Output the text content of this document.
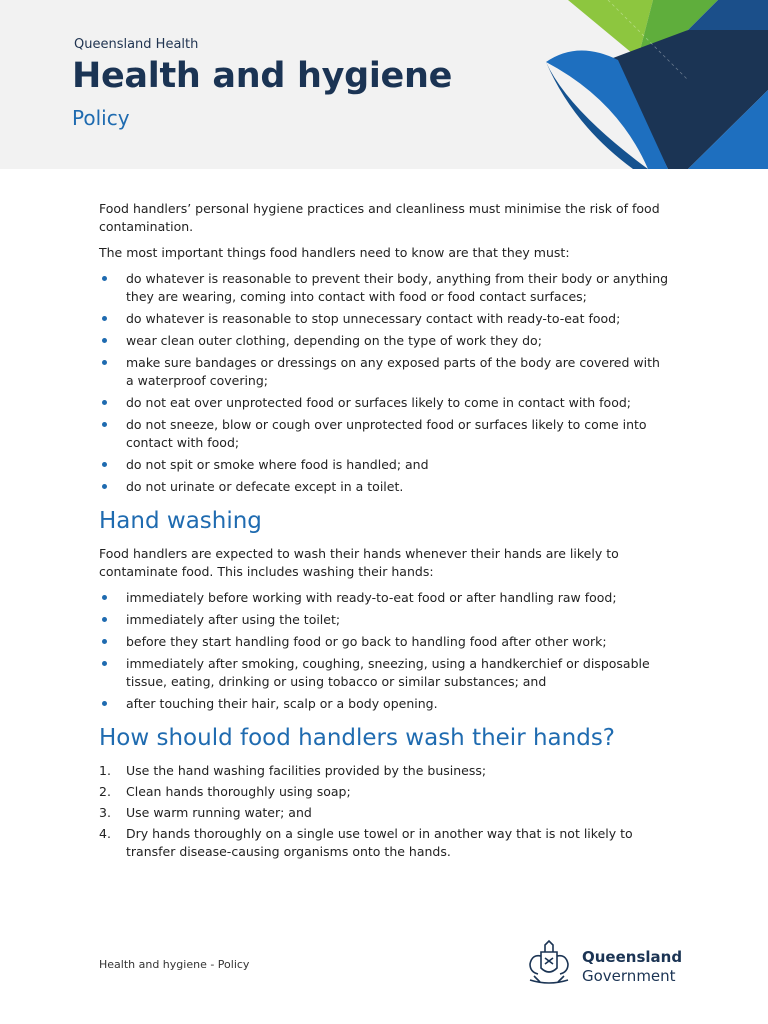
Queensland Health
Health and hygiene
Policy

Food handlers’ personal hygiene practices and cleanliness must minimise the risk of food contamination.

The most important things food handlers need to know are that they must:

do whatever is reasonable to prevent their body, anything from their body or anything they are wearing, coming into contact with food or food contact surfaces;
do whatever is reasonable to stop unnecessary contact with ready-to-eat food;
wear clean outer clothing, depending on the type of work they do;
make sure bandages or dressings on any exposed parts of the body are covered with a waterproof covering;
do not eat over unprotected food or surfaces likely to come in contact with food;
do not sneeze, blow or cough over unprotected food or surfaces likely to come into contact with food;
do not spit or smoke where food is handled; and
do not urinate or defecate except in a toilet.
Hand washing

Food handlers are expected to wash their hands whenever their hands are likely to contaminate food. This includes washing their hands:

immediately before working with ready-to-eat food or after handling raw food;
immediately after using the toilet;
before they start handling food or go back to handling food after other work;
immediately after smoking, coughing, sneezing, using a handkerchief or disposable tissue, eating, drinking or using tobacco or similar substances; and
after touching their hair, scalp or a body opening.
How should food handlers wash their hands?
1. Use the hand washing facilities provided by the business;
2. Clean hands thoroughly using soap;
3. Use warm running water; and
4. Dry hands thoroughly on a single use towel or in another way that is not likely to transfer disease-causing organisms onto the hands.
Health and hygiene - Policy	Queensland
Government
